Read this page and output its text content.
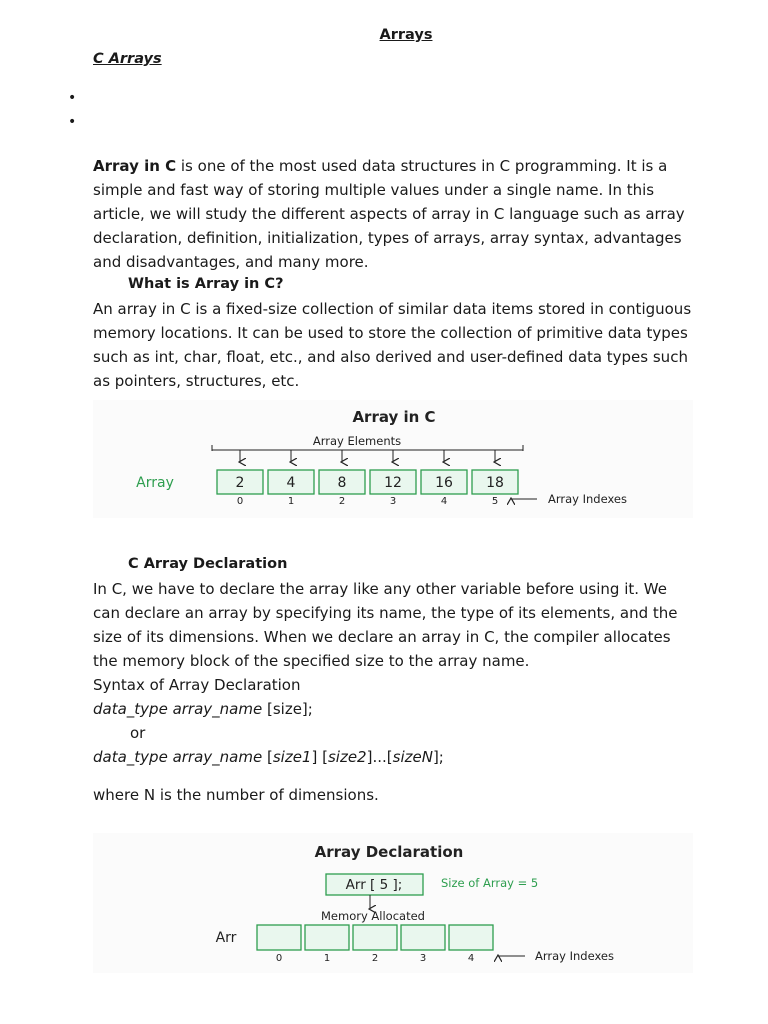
Arrays
C Arrays
•
•
Array in C is one of the most used data structures in C programming. It is a simple and fast way of storing multiple values under a single name. In this article, we will study the different aspects of array in C language such as array declaration, definition, initialization, types of arrays, array syntax, advantages and disadvantages, and many more.
What is Array in C?
An array in C is a fixed-size collection of similar data items stored in contiguous memory locations. It can be used to store the collection of primitive data types such as int, char, float, etc., and also derived and user-defined data types such as pointers, structures, etc.
Array in C
Array Elements
Array	2	4	8	12 16 18
0	1	2	3	4	5	Array Indexes
C Array Declaration
In C, we have to declare the array like any other variable before using it. We can declare an array by specifying its name, the type of its elements, and the size of its dimensions. When we declare an array in C, the compiler allocates the memory block of the specified size to the array name.
Syntax of Array Declaration
data_type array_name [size];
or
data_type array_name [size1] [size2]...[sizeN];
where N is the number of dimensions.
Array Declaration
Arr [ 5 ];	Size of Array = 5
Memory Allocated
Arr
0	1	2	3	4	Array Indexes
